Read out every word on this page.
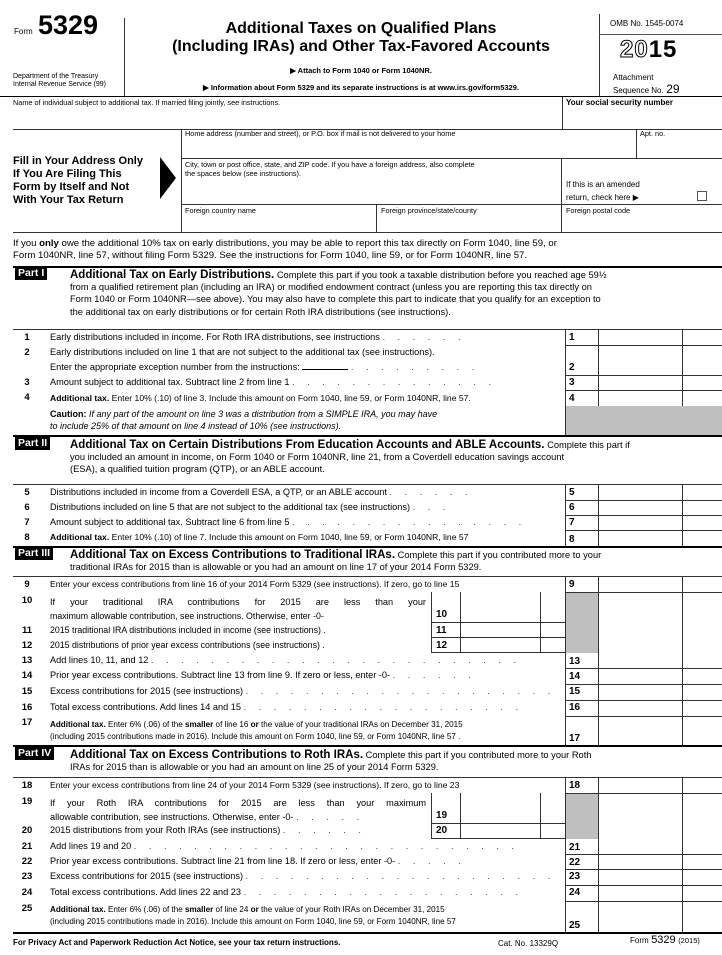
Form 5329
Department of the Treasury
Internal Revenue Service (99)
Additional Taxes on Qualified Plans
(Including IRAs) and Other Tax-Favored Accounts
▶ Attach to Form 1040 or Form 1040NR.
▶ Information about Form 5329 and its separate instructions is at www.irs.gov/form5329.
OMB No. 1545-0074
2015
Attachment
Sequence No. 29
Name of individual subject to additional tax. If married filing jointly, see instructions.	Your social security number
Fill in Your Address Only
If You Are Filing This
Form by Itself and Not
With Your Tax Return
Home address (number and street), or P.O. box if mail is not delivered to your home	Apt. no.
City, town or post office, state, and ZIP code. If you have a foreign address, also complete
the spaces below (see instructions).
If this is an amended
return, check here ▶
Foreign country name	Foreign province/state/county	Foreign postal code
If you only owe the additional 10% tax on early distributions, you may be able to report this tax directly on Form 1040, line 59, or
Form 1040NR, line 57, without filing Form 5329. See the instructions for Form 1040, line 59, or for Form 1040NR, line 57.
Part I Additional Tax on Early Distributions. Complete this part if you took a taxable distribution before you reached age 59½
from a qualified retirement plan (including an IRA) or modified endowment contract (unless you are reporting this tax directly on
Form 1040 or Form 1040NR—see above). You may also have to complete this part to indicate that you qualify for an exception to
the additional tax on early distributions or for certain Roth IRA distributions (see instructions).
1	Early distributions included in income. For Roth IRA distributions, see instructions . . . . . .	1
2	Early distributions included on line 1 that are not subject to the additional tax (see instructions).
Enter the appropriate exception number from the instructions:	. . . . . . . . .	2
3	Amount subject to additional tax. Subtract line 2 from line 1 . . . . . . . . . . . . . .	3
4	Additional tax. Enter 10% (.10) of line 3. Include this amount on Form 1040, line 59, or Form 1040NR, line 57.	4
Caution: If any part of the amount on line 3 was a distribution from a SIMPLE IRA, you may have
to include 25% of that amount on line 4 instead of 10% (see instructions).
Part II Additional Tax on Certain Distributions From Education Accounts and ABLE Accounts. Complete this part if
you included an amount in income, on Form 1040 or Form 1040NR, line 21, from a Coverdell education savings account
(ESA), a qualified tuition program (QTP), or an ABLE account.
5	Distributions included in income from a Coverdell ESA, a QTP, or an ABLE account . . . . . .	5
6	Distributions included on line 5 that are not subject to the additional tax (see instructions) . . .	6
7	Amount subject to additional tax. Subtract line 6 from line 5 . . . . . . . . . . . . . . . .	7
8	Additional tax. Enter 10% (.10) of line 7. Include this amount on Form 1040, line 59, or Form 1040NR, line 57	8
Part III Additional Tax on Excess Contributions to Traditional IRAs. Complete this part if you contributed more to your
traditional IRAs for 2015 than is allowable or you had an amount on line 17 of your 2014 Form 5329.
9	Enter your excess contributions from line 16 of your 2014 Form 5329 (see instructions). If zero, go to line 15	9
10	If your traditional IRA contributions for 2015 are less than your
maximum allowable contribution, see instructions. Otherwise, enter -0-	10
11	2015 traditional IRA distributions included in income (see instructions) .	11
12	2015 distributions of prior year excess contributions (see instructions) .	12
13	Add lines 10, 11, and 12 . . . . . . . . . . . . . . . . . . . . . . . . .	13
14	Prior year excess contributions. Subtract line 13 from line 9. If zero or less, enter -0- . . . . . .	14
15	Excess contributions for 2015 (see instructions) . . . . . . . . . . . . . . . . . . . . .	15
16	Total excess contributions. Add lines 14 and 15 . . . . . . . . . . . . . . . . . . .	16
17	Additional tax. Enter 6% (.06) of the smaller of line 16 or the value of your traditional IRAs on December 31, 2015
(including 2015 contributions made in 2016). Include this amount on Form 1040, line 59, or Form 1040NR, line 57 .	17
Part IV Additional Tax on Excess Contributions to Roth IRAs. Complete this part if you contributed more to your Roth
IRAs for 2015 than is allowable or you had an amount on line 25 of your 2014 Form 5329.
18	Enter your excess contributions from line 24 of your 2014 Form 5329 (see instructions). If zero, go to line 23	18
19	If your Roth IRA contributions for 2015 are less than your maximum
allowable contribution, see instructions. Otherwise, enter -0- . . . . .	19
20	2015 distributions from your Roth IRAs (see instructions) . . . . . .	20
21	Add lines 19 and 20 . . . . . . . . . . . . . . . . . . . . . . . . . .	21
22	Prior year excess contributions. Subtract line 21 from line 18. If zero or less, enter -0- . . . . .	22
23	Excess contributions for 2015 (see instructions) . . . . . . . . . . . . . . . . . . . . .	23
24	Total excess contributions. Add lines 22 and 23 . . . . . . . . . . . . . . . . . . .	24
25	Additional tax. Enter 6% (.06) of the smaller of line 24 or the value of your Roth IRAs on December 31, 2015
(including 2015 contributions made in 2016). Include this amount on Form 1040, line 59, or Form 1040NR, line 57	25
For Privacy Act and Paperwork Reduction Act Notice, see your tax return instructions.	Cat. No. 13329Q	Form 5329 (2015)
